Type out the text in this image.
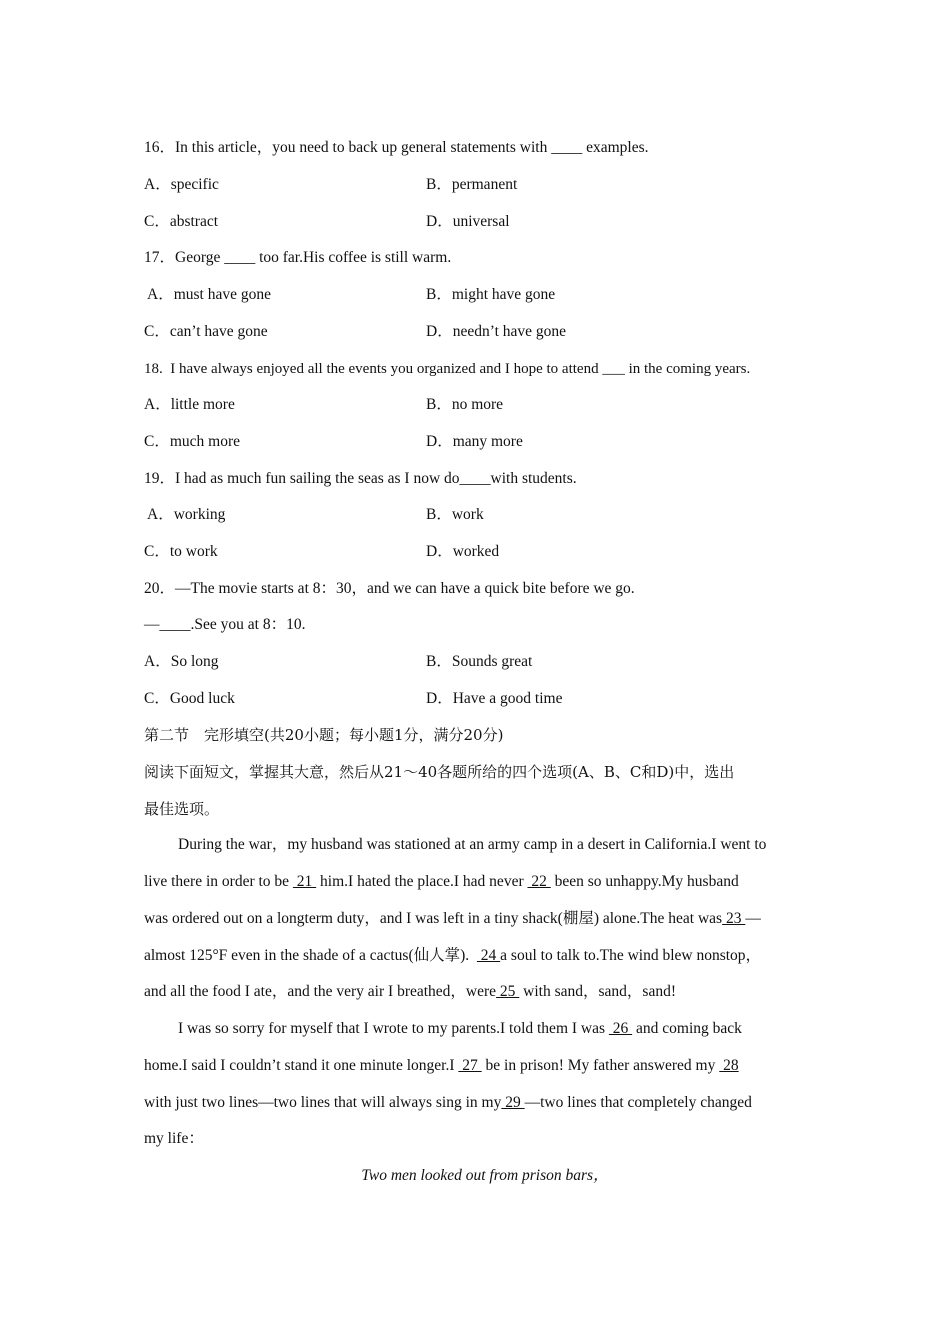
16．In this article，you need to back up general statements with ____ examples.
A．specific	B．permanent
C．abstract	D．universal
17．George ____ too far.His coffee is still warm.
A．must have gone	B．might have gone
C．can’t have gone	D．needn’t have gone
18.  I have always enjoyed all the events you organized and I hope to attend ___ in the coming years.
A．little more	B．no more
C．much more	D．many more
19．I had as much fun sailing the seas as I now do____with students.
A．working	B．work
C．to work	D．worked
20．—The movie starts at 8：30，and we can have a quick bite before we go.
—____.See you at 8：10.
A．So long	B．Sounds great
C．Good luck	D．Have a good time
第二节　完形填空(共20小题；每小题1分，满分20分)
阅读下面短文，掌握其大意，然后从21～40各题所给的四个选项(A、B、C和D)中，选出
最佳选项。
During the war，my husband was stationed at an army camp in a desert in California.I went to
live there in order to be  21  him.I hated the place.I had never  22  been so unhappy.My husband
was ordered out on a longterm duty，and I was left in a tiny shack(棚屋) alone.The heat was 23 —
almost 125°F even in the shade of a cactus(仙人掌).   24 a soul to talk to.The wind blew nonstop，
and all the food I ate，and the very air I breathed，were 25  with sand，sand，sand!
I was so sorry for myself that I wrote to my parents.I told them I was  26  and coming back
home.I said I couldn’t stand it one minute longer.I  27  be in prison! My father answered my  28
with just two lines—two lines that will always sing in my 29 —two lines that completely changed
my life：
Two men looked out from prison bars，
